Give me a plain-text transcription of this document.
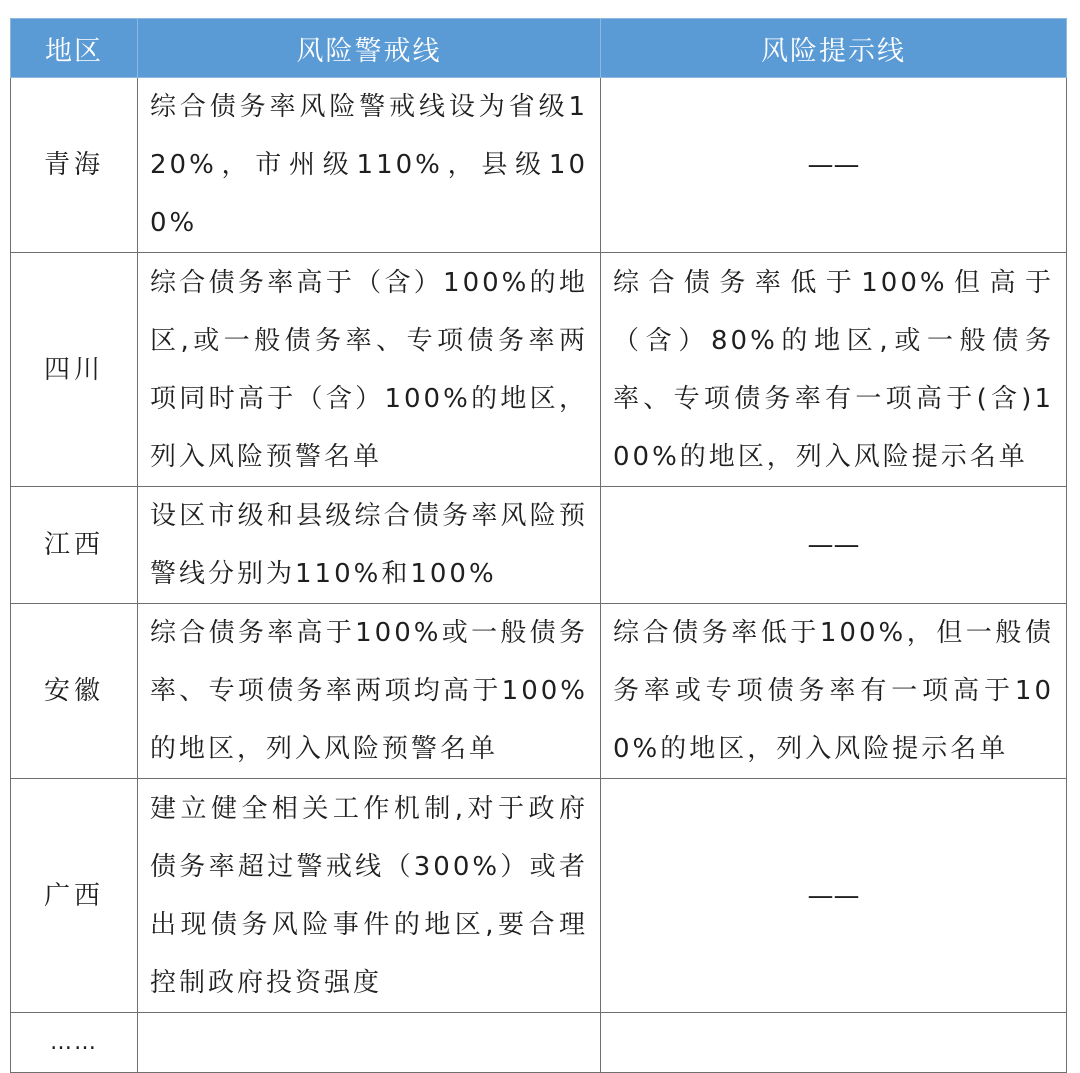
地区	风险警戒线	风险提示线
青海	综合债务率风险警戒线设为省级120%，市州级110%，县级100%	——
四川	综合债务率高于（含）100%的地区,或一般债务率、专项债务率两项同时高于（含）100%的地区，列入风险预警名单	综合债务率低于100%但高于（含）80%的地区,或一般债务率、专项债务率有一项高于(含)100%的地区，列入风险提示名单
江西	设区市级和县级综合债务率风险预警线分别为110%和100%	——
安徽	综合债务率高于100%或一般债务率、专项债务率两项均高于100%的地区，列入风险预警名单	综合债务率低于100%，但一般债务率或专项债务率有一项高于100%的地区，列入风险提示名单
广西	建立健全相关工作机制,对于政府债务率超过警戒线（300%）或者出现债务风险事件的地区,要合理控制政府投资强度	——
……		
